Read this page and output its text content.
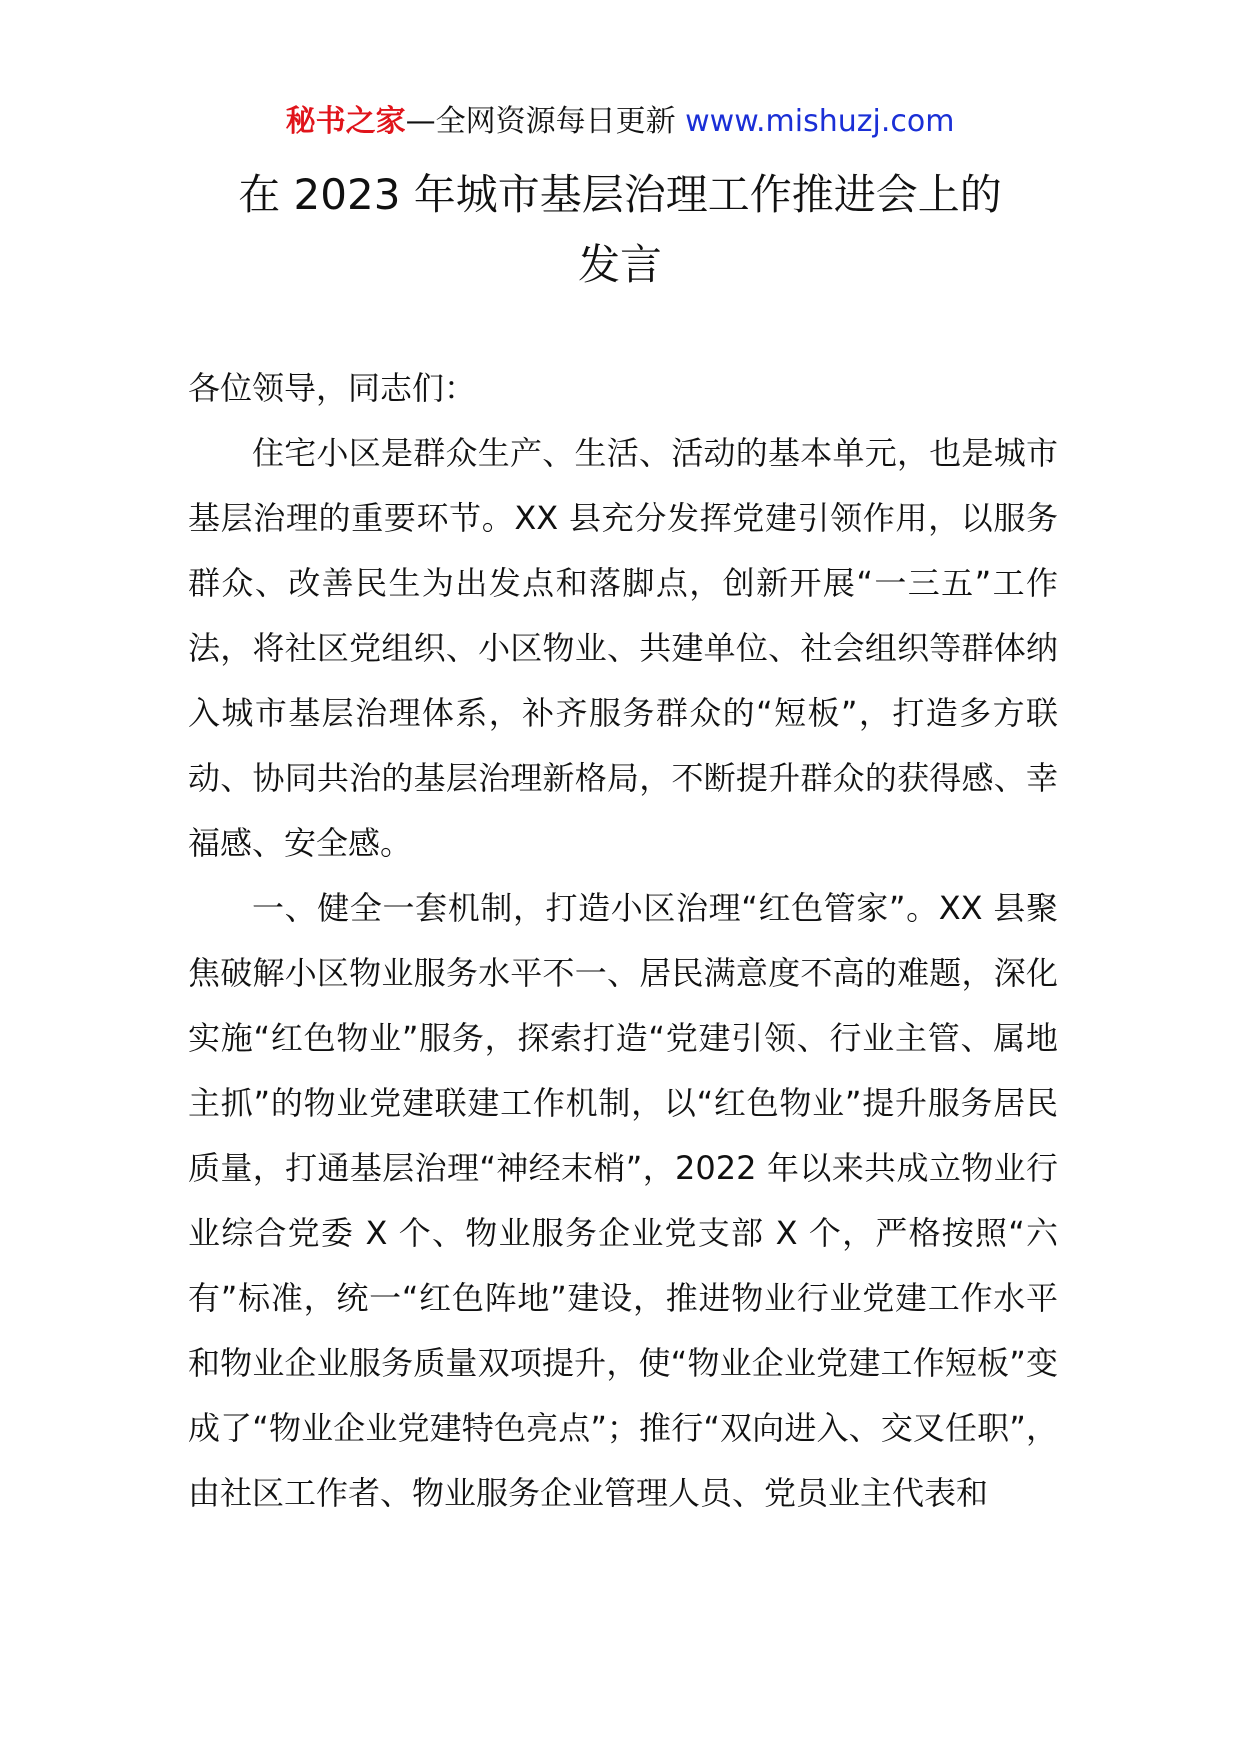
秘书之家—全网资源每日更新 www.mishuzj.com
在 2023 年城市基层治理工作推进会上的
发言

各位领导，同志们：

住宅小区是群众生产、生活、活动的基本单元，也是城市基层治理的重要环节。XX 县充分发挥党建引领作用，以服务群众、改善民生为出发点和落脚点，创新开展“一三五”工作法，将社区党组织、小区物业、共建单位、社会组织等群体纳入城市基层治理体系，补齐服务群众的“短板”，打造多方联动、协同共治的基层治理新格局，不断提升群众的获得感、幸福感、安全感。

一、健全一套机制，打造小区治理“红色管家”。XX 县聚焦破解小区物业服务水平不一、居民满意度不高的难题，深化实施“红色物业”服务，探索打造“党建引领、行业主管、属地主抓”的物业党建联建工作机制，以“红色物业”提升服务居民质量，打通基层治理“神经末梢”，2022 年以来共成立物业行业综合党委 X 个、物业服务企业党支部 X 个，严格按照“六有”标准，统一“红色阵地”建设，推进物业行业党建工作水平和物业企业服务质量双项提升，使“物业企业党建工作短板”变成了“物业企业党建特色亮点”；推行“双向进入、交叉任职”，由社区工作者、物业服务企业管理人员、党员业主代表和
